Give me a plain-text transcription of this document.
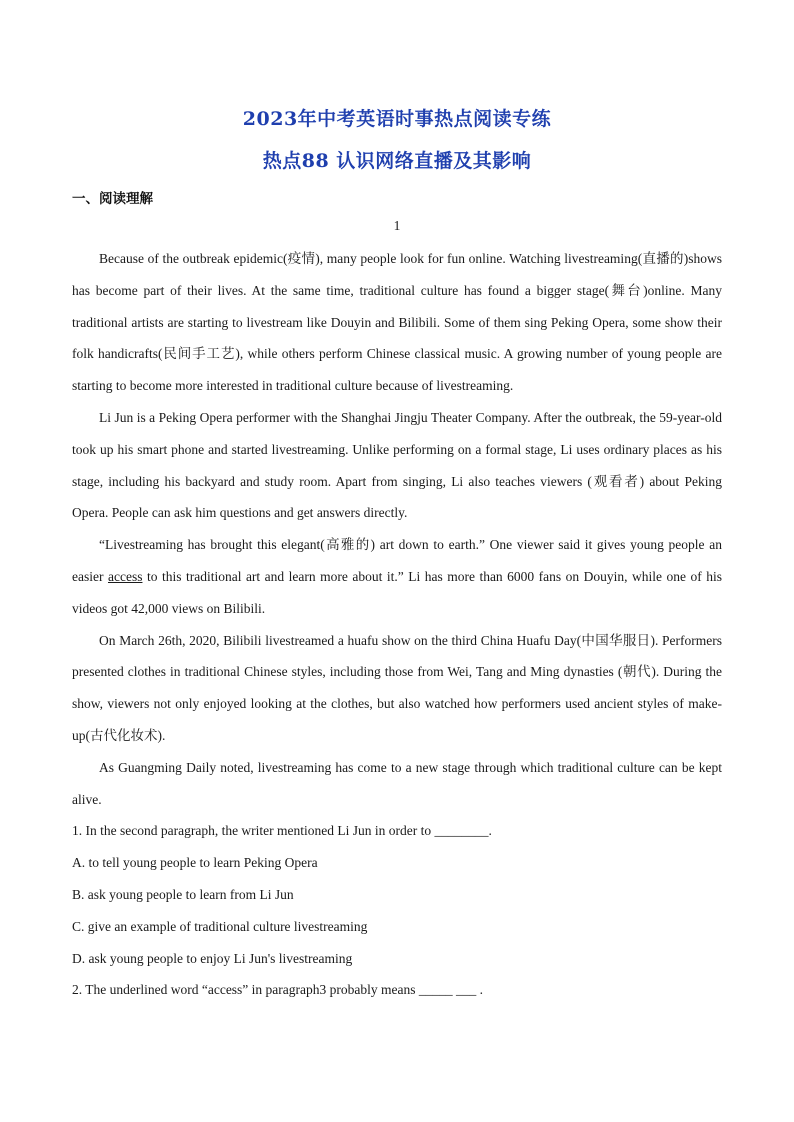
2023年中考英语时事热点阅读专练
热点88 认识网络直播及其影响
一、阅读理解
1

Because of the outbreak epidemic(疫情), many people look for fun online. Watching livestreaming(直播的)shows has become part of their lives. At the same time, traditional culture has found a bigger stage(舞台)online. Many traditional artists are starting to livestream like Douyin and Bilibili. Some of them sing Peking Opera, some show their folk handicrafts(民间手工艺), while others perform Chinese classical music. A growing number of young people are starting to become more interested in traditional culture because of livestreaming.

Li Jun is a Peking Opera performer with the Shanghai Jingju Theater Company. After the outbreak, the 59-year-old took up his smart phone and started livestreaming. Unlike performing on a formal stage, Li uses ordinary places as his stage, including his backyard and study room. Apart from singing, Li also teaches viewers (观看者) about Peking Opera. People can ask him questions and get answers directly.

“Livestreaming has brought this elegant(高雅的) art down to earth.” One viewer said it gives young people an easier access to this traditional art and learn more about it.” Li has more than 6000 fans on Douyin, while one of his videos got 42,000 views on Bilibili.

On March 26th, 2020, Bilibili livestreamed a huafu show on the third China Huafu Day(中国华服日). Performers presented clothes in traditional Chinese styles, including those from Wei, Tang and Ming dynasties (朝代). During the show, viewers not only enjoyed looking at the clothes, but also watched how performers used ancient styles of make-up(古代化妆术).

As Guangming Daily noted, livestreaming has come to a new stage through which traditional culture can be kept alive.

1. In the second paragraph, the writer mentioned Li Jun in order to ________.

A. to tell young people to learn Peking Opera

B. ask young people to learn from Li Jun

C. give an example of traditional culture livestreaming

D. ask young people to enjoy Li Jun's livestreaming

2. The underlined word “access” in paragraph3 probably means _____ ___ .
